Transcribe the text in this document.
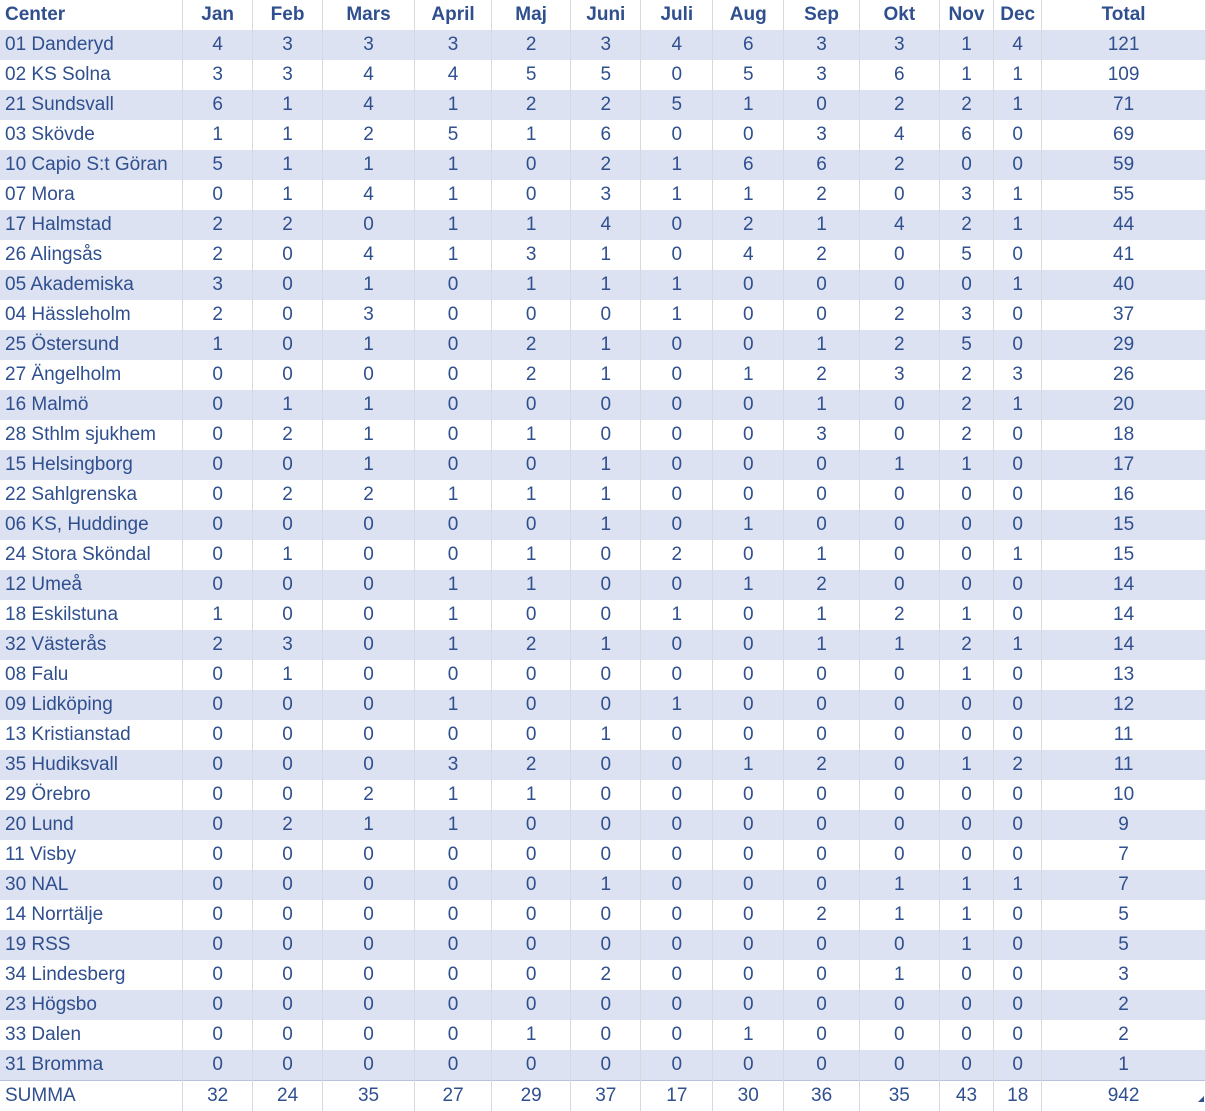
Center	Jan	Feb	Mars	April	Maj	Juni	Juli	Aug	Sep	Okt	Nov	Dec	Total
01 Danderyd	4	3	3	3	2	3	4	6	3	3	1	4	121
02 KS Solna	3	3	4	4	5	5	0	5	3	6	1	1	109
21 Sundsvall	6	1	4	1	2	2	5	1	0	2	2	1	71
03 Skövde	1	1	2	5	1	6	0	0	3	4	6	0	69
10 Capio S:t Göran	5	1	1	1	0	2	1	6	6	2	0	0	59
07 Mora	0	1	4	1	0	3	1	1	2	0	3	1	55
17 Halmstad	2	2	0	1	1	4	0	2	1	4	2	1	44
26 Alingsås	2	0	4	1	3	1	0	4	2	0	5	0	41
05 Akademiska	3	0	1	0	1	1	1	0	0	0	0	1	40
04 Hässleholm	2	0	3	0	0	0	1	0	0	2	3	0	37
25 Östersund	1	0	1	0	2	1	0	0	1	2	5	0	29
27 Ängelholm	0	0	0	0	2	1	0	1	2	3	2	3	26
16 Malmö	0	1	1	0	0	0	0	0	1	0	2	1	20
28 Sthlm sjukhem	0	2	1	0	1	0	0	0	3	0	2	0	18
15 Helsingborg	0	0	1	0	0	1	0	0	0	1	1	0	17
22 Sahlgrenska	0	2	2	1	1	1	0	0	0	0	0	0	16
06 KS, Huddinge	0	0	0	0	0	1	0	1	0	0	0	0	15
24 Stora Sköndal	0	1	0	0	1	0	2	0	1	0	0	1	15
12 Umeå	0	0	0	1	1	0	0	1	2	0	0	0	14
18 Eskilstuna	1	0	0	1	0	0	1	0	1	2	1	0	14
32 Västerås	2	3	0	1	2	1	0	0	1	1	2	1	14
08 Falu	0	1	0	0	0	0	0	0	0	0	1	0	13
09 Lidköping	0	0	0	1	0	0	1	0	0	0	0	0	12
13 Kristianstad	0	0	0	0	0	1	0	0	0	0	0	0	11
35 Hudiksvall	0	0	0	3	2	0	0	1	2	0	1	2	11
29 Örebro	0	0	2	1	1	0	0	0	0	0	0	0	10
20 Lund	0	2	1	1	0	0	0	0	0	0	0	0	9
11 Visby	0	0	0	0	0	0	0	0	0	0	0	0	7
30 NAL	0	0	0	0	0	1	0	0	0	1	1	1	7
14 Norrtälje	0	0	0	0	0	0	0	0	2	1	1	0	5
19 RSS	0	0	0	0	0	0	0	0	0	0	1	0	5
34 Lindesberg	0	0	0	0	0	2	0	0	0	1	0	0	3
23 Högsbo	0	0	0	0	0	0	0	0	0	0	0	0	2
33 Dalen	0	0	0	0	1	0	0	1	0	0	0	0	2
31 Bromma	0	0	0	0	0	0	0	0	0	0	0	0	1
SUMMA	32	24	35	27	29	37	17	30	36	35	43	18	942
